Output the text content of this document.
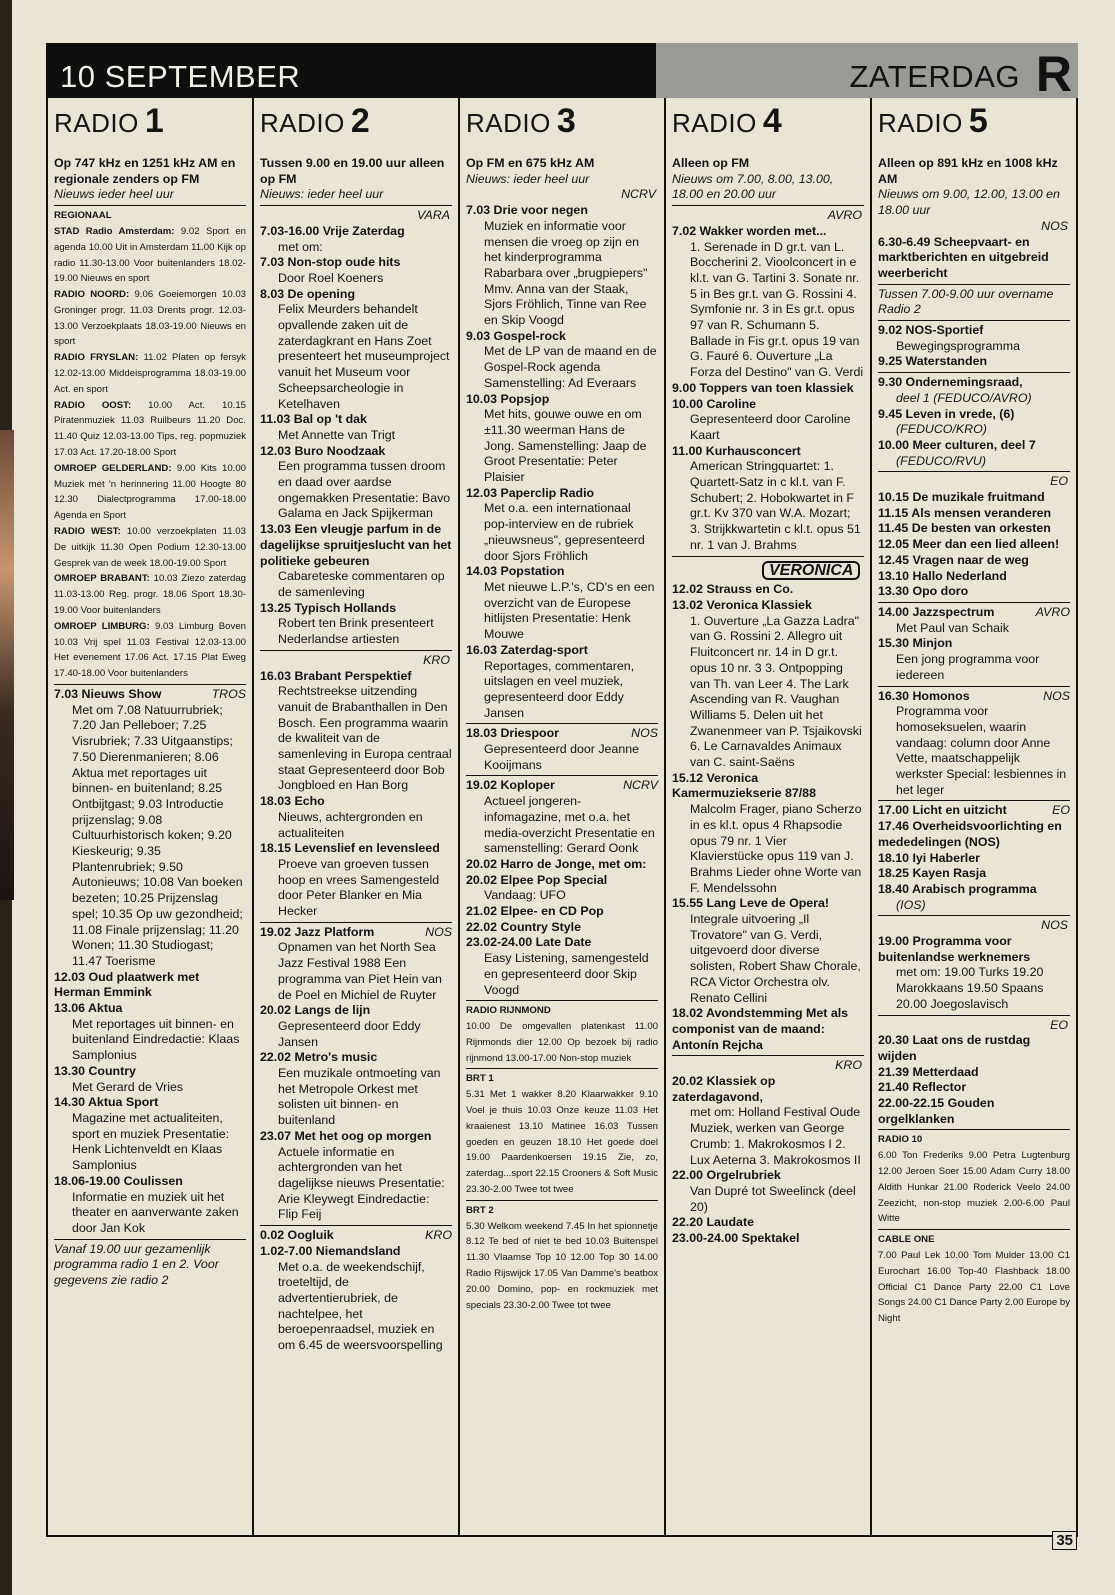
10 SEPTEMBER	ZATERDAG R
RADIO 1
Op 747 kHz en 1251 kHz AM en regionale zenders op FM
Nieuws ieder heel uur
REGIONAAL
STAD Radio Amsterdam: 9.02 Sport en agenda 10.00 Uit in Amsterdam 11.00 Kijk op radio 11.30-13.00 Voor buitenlanders 18.02-19.00 Nieuws en sport
RADIO NOORD: 9.06 Goeiemorgen 10.03 Groninger progr. 11.03 Drents progr. 12.03-13.00 Verzoekplaats 18.03-19.00 Nieuws en sport
RADIO FRYSLAN: 11.02 Platen op fersyk 12.02-13.00 Middeisprogramma 18.03-19.00 Act. en sport
RADIO OOST: 10.00 Act. 10.15 Piratenmuziek 11.03 Ruilbeurs 11.20 Doc. 11.40 Quiz 12.03-13.00 Tips, reg. popmuziek 17.03 Act. 17.20-18.00 Sport
OMROEP GELDERLAND: 9.00 Kits 10.00 Muziek met 'n herinnering 11.00 Hoogte 80 12.30 Dialectprogramma 17.00-18.00 Agenda en Sport
RADIO WEST: 10.00 verzoekplaten 11.03 De uitkijk 11.30 Open Podium 12.30-13.00 Gesprek van de week 18.00-19.00 Sport
OMROEP BRABANT: 10.03 Ziezo zaterdag 11.03-13.00 Reg. progr. 18.06 Sport 18.30-19.00 Voor buitenlanders
OMROEP LIMBURG: 9.03 Limburg Boven 10.03 Vrij spel 11.03 Festival 12.03-13.00 Het evenement 17.06 Act. 17.15 Plat Eweg 17.40-18.00 Voor buitenlanders
7.03 Nieuws Show	TROS
Met om 7.08 Natuurrubriek; 7.20 Jan Pelleboer; 7.25 Visrubriek; 7.33 Uitgaanstips; 7.50 Dierenmanieren; 8.06 Aktua met reportages uit binnen- en buitenland; 8.25 Ontbijtgast; 9.03 Introductie prijzenslag; 9.08 Cultuurhistorisch koken; 9.20 Kieskeurig; 9.35 Plantenrubriek; 9.50 Autonieuws; 10.08 Van boeken bezeten; 10.25 Prijzenslag spel; 10.35 Op uw gezondheid; 11.08 Finale prijzenslag; 11.20 Wonen; 11.30 Studiogast; 11.47 Toerisme
12.03 Oud plaatwerk met Herman Emmink
13.06 Aktua
Met reportages uit binnen- en buitenland Eindredactie: Klaas Samplonius
13.30 Country
Met Gerard de Vries
14.30 Aktua Sport
Magazine met actualiteiten, sport en muziek Presentatie: Henk Lichtenveldt en Klaas Samplonius
18.06-19.00 Coulissen
Informatie en muziek uit het theater en aanverwante zaken door Jan Kok
Vanaf 19.00 uur gezamenlijk programma radio 1 en 2. Voor gegevens zie radio 2
RADIO 2
Tussen 9.00 en 19.00 uur alleen op FM
Nieuws: ieder heel uur
VARA
7.03-16.00 Vrije Zaterdag
met om:
7.03 Non-stop oude hits
Door Roel Koeners
8.03 De opening
Felix Meurders behandelt opvallende zaken uit de zaterdagkrant en Hans Zoet presenteert het museumproject vanuit het Museum voor Scheepsarcheologie in Ketelhaven
11.03 Bal op 't dak
Met Annette van Trigt
12.03 Buro Noodzaak
Een programma tussen droom en daad over aardse ongemakken Presentatie: Bavo Galama en Jack Spijkerman
13.03 Een vleugje parfum in de dagelijkse spruitjeslucht van het politieke gebeuren
Cabareteske commentaren op de samenleving
13.25 Typisch Hollands
Robert ten Brink presenteert Nederlandse artiesten
KRO
16.03 Brabant Perspektief
Rechtstreekse uitzending vanuit de Brabanthallen in Den Bosch. Een programma waarin de kwaliteit van de samenleving in Europa centraal staat Gepresenteerd door Bob Jongbloed en Han Borg
18.03 Echo
Nieuws, achtergronden en actualiteiten
18.15 Levenslief en levensleed
Proeve van groeven tussen hoop en vrees Samengesteld door Peter Blanker en Mia Hecker
19.02 Jazz Platform	NOS
Opnamen van het North Sea Jazz Festival 1988 Een programma van Piet Hein van de Poel en Michiel de Ruyter
20.02 Langs de lijn
Gepresenteerd door Eddy Jansen
22.02 Metro's music
Een muzikale ontmoeting van het Metropole Orkest met solisten uit binnen- en buitenland
23.07 Met het oog op morgen
Actuele informatie en achtergronden van het dagelijkse nieuws Presentatie: Arie Kleywegt Eindredactie: Flip Feij
0.02 Oogluik	KRO
1.02-7.00 Niemandsland
Met o.a. de weekendschijf, troeteltijd, de advertentierubriek, de nachtelpee, het beroepenraadsel, muziek en om 6.45 de weersvoorspelling
RADIO 3
Op FM en 675 kHz AM
Nieuws: ieder heel uur
NCRV
7.03 Drie voor negen
Muziek en informatie voor mensen die vroeg op zijn en het kinderprogramma Rabarbara over „brugpiepers" Mmv. Anna van der Staak, Sjors Fröhlich, Tinne van Ree en Skip Voogd
9.03 Gospel-rock
Met de LP van de maand en de Gospel-Rock agenda Samenstelling: Ad Everaars
10.03 Popsjop
Met hits, gouwe ouwe en om ±11.30 weerman Hans de Jong. Samenstelling: Jaap de Groot Presentatie: Peter Plaisier
12.03 Paperclip Radio
Met o.a. een internationaal pop-interview en de rubriek „nieuwsneus", gepresenteerd door Sjors Fröhlich
14.03 Popstation
Met nieuwe L.P.'s, CD's en een overzicht van de Europese hitlijsten Presentatie: Henk Mouwe
16.03 Zaterdag-sport
Reportages, commentaren, uitslagen en veel muziek, gepresenteerd door Eddy Jansen
18.03 Driespoor	NOS
Gepresenteerd door Jeanne Kooijmans
19.02 Koploper	NCRV
Actueel jongeren-infomagazine, met o.a. het media-overzicht Presentatie en samenstelling: Gerard Oonk
20.02 Harro de Jonge, met om:
20.02 Elpee Pop Special
Vandaag: UFO
21.02 Elpee- en CD Pop
22.02 Country Style
23.02-24.00 Late Date
Easy Listening, samengesteld en gepresenteerd door Skip Voogd
RADIO RIJNMOND
10.00 De omgevallen platenkast 11.00 Rijnmonds dier 12.00 Op bezoek bij radio rijnmond 13.00-17.00 Non-stop muziek
BRT 1
5.31 Met 1 wakker 8.20 Klaarwakker 9.10 Voel je thuis 10.03 Onze keuze 11.03 Het kraaienest 13.10 Matinee 16.03 Tussen goeden en geuzen 18.10 Het goede doel 19.00 Paardenkoersen 19.15 Zie, zo, zaterdag...sport 22.15 Crooners & Soft Music 23.30-2.00 Twee tot twee
BRT 2
5.30 Welkom weekend 7.45 In het spionnetje 8.12 Te bed of niet te bed 10.03 Buitenspel 11.30 Vlaamse Top 10 12.00 Top 30 14.00 Radio Rijswijck 17.05 Van Damme's beatbox 20.00 Domino, pop- en rockmuziek met specials 23.30-2.00 Twee tot twee
RADIO 4
Alleen op FM
Nieuws om 7.00, 8.00, 13.00, 18.00 en 20.00 uur
AVRO
7.02 Wakker worden met...
1. Serenade in D gr.t. van L. Boccherini 2. Vioolconcert in e kl.t. van G. Tartini 3. Sonate nr. 5 in Bes gr.t. van G. Rossini 4. Symfonie nr. 3 in Es gr.t. opus 97 van R. Schumann 5. Ballade in Fis gr.t. opus 19 van G. Fauré 6. Ouverture „La Forza del Destino" van G. Verdi
9.00 Toppers van toen klassiek
10.00 Caroline
Gepresenteerd door Caroline Kaart
11.00 Kurhausconcert
American Stringquartet: 1. Quartett-Satz in c kl.t. van F. Schubert; 2. Hobokwartet in F gr.t. Kv 370 van W.A. Mozart; 3. Strijkkwartetin c kl.t. opus 51 nr. 1 van J. Brahms
VERONICA
12.02 Strauss en Co.
13.02 Veronica Klassiek
1. Ouverture „La Gazza Ladra" van G. Rossini 2. Allegro uit Fluitconcert nr. 14 in D gr.t. opus 10 nr. 3 3. Ontpopping van Th. van Leer 4. The Lark Ascending van R. Vaughan Williams 5. Delen uit het Zwanenmeer van P. Tsjaikovski 6. Le Carnavaldes Animaux van C. saint-Saëns
15.12 Veronica Kamermuziekserie 87/88
Malcolm Frager, piano Scherzo in es kl.t. opus 4 Rhapsodie opus 79 nr. 1 Vier Klavierstücke opus 119 van J. Brahms Lieder ohne Worte van F. Mendelssohn
15.55 Lang Leve de Opera!
Integrale uitvoering „Il Trovatore" van G. Verdi, uitgevoerd door diverse solisten, Robert Shaw Chorale, RCA Victor Orchestra olv. Renato Cellini
18.02 Avondstemming Met als componist van de maand: Antonín Rejcha
KRO
20.02 Klassiek op zaterdagavond,
met om: Holland Festival Oude Muziek, werken van George Crumb: 1. Makrokosmos I 2. Lux Aeterna 3. Makrokosmos II
22.00 Orgelrubriek
Van Dupré tot Sweelinck (deel 20)
22.20 Laudate
23.00-24.00 Spektakel
RADIO 5
Alleen op 891 kHz en 1008 kHz AM
Nieuws om 9.00, 12.00, 13.00 en 18.00 uur
NOS
6.30-6.49 Scheepvaart- en marktberichten en uitgebreid weerbericht
Tussen 7.00-9.00 uur overname Radio 2
9.02 NOS-Sportief
Bewegingsprogramma
9.25 Waterstanden
9.30 Ondernemingsraad,
deel 1 (FEDUCO/AVRO)
9.45 Leven in vrede, (6)
(FEDUCO/KRO)
10.00 Meer culturen, deel 7
(FEDUCO/RVU)
EO
10.15 De muzikale fruitmand
11.15 Als mensen veranderen
11.45 De besten van orkesten
12.05 Meer dan een lied alleen!
12.45 Vragen naar de weg
13.10 Hallo Nederland
13.30 Opo doro
14.00 Jazzspectrum	AVRO
Met Paul van Schaik
15.30 Minjon
Een jong programma voor iedereen
16.30 Homonos	NOS
Programma voor homoseksuelen, waarin vandaag: column door Anne Vette, maatschappelijk werkster Special: lesbiennes in het leger
17.00 Licht en uitzicht	EO
17.46 Overheidsvoorlichting en mededelingen (NOS)
18.10 Iyi Haberler
18.25 Kayen Rasja
18.40 Arabisch programma
(IOS)
NOS
19.00 Programma voor buitenlandse werknemers
met om: 19.00 Turks 19.20 Marokkaans 19.50 Spaans 20.00 Joegoslavisch
EO
20.30 Laat ons de rustdag wijden
21.39 Metterdaad
21.40 Reflector
22.00-22.15 Gouden orgelklanken
RADIO 10
6.00 Ton Frederiks 9.00 Petra Lugtenburg 12.00 Jeroen Soer 15.00 Adam Curry 18.00 Aldith Hunkar 21.00 Roderick Veelo 24.00 Zeezicht, non-stop muziek 2.00-6.00 Paul Witte
CABLE ONE
7.00 Paul Lek 10.00 Tom Mulder 13.00 C1 Eurochart 16.00 Top-40 Flashback 18.00 Official C1 Dance Party 22.00 C1 Love Songs 24.00 C1 Dance Party 2.00 Europe by Night
35
